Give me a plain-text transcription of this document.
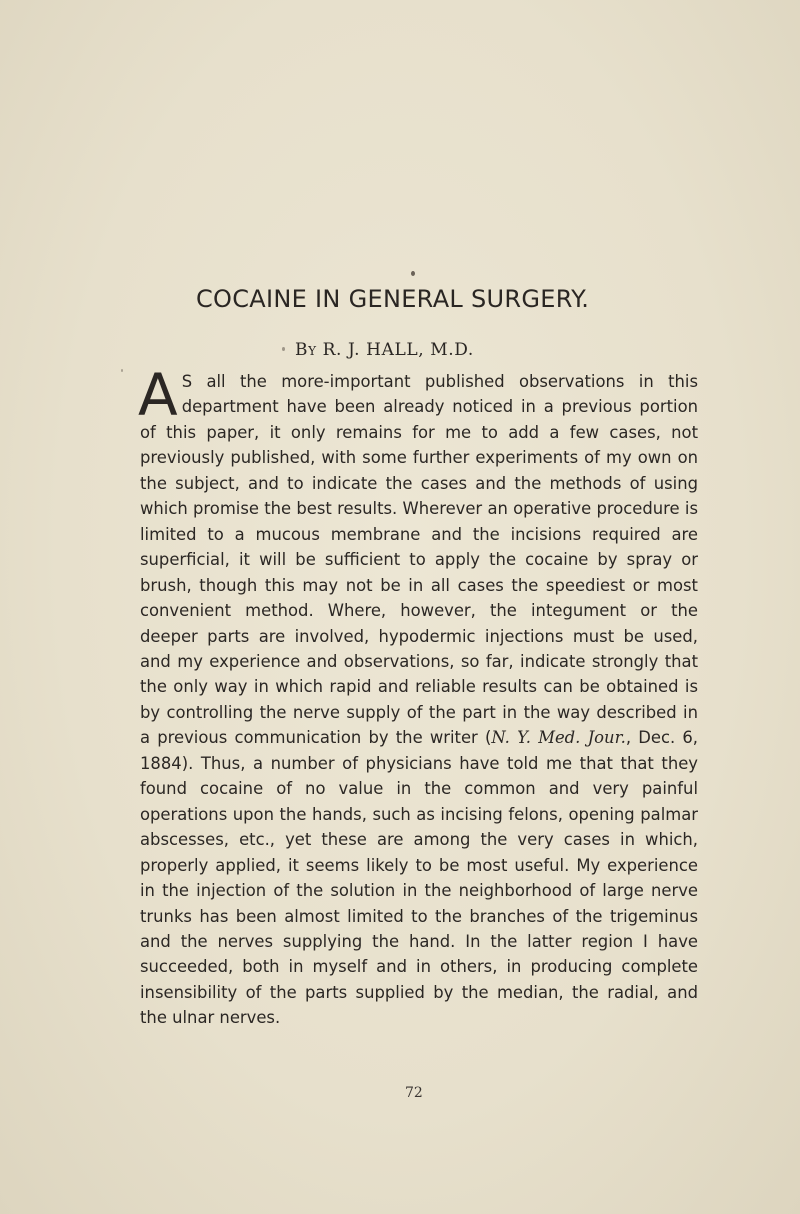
COCAINE IN GENERAL SURGERY.
By R. J. HALL, M.D.
A S all the more-important published observations in this department have been already noticed in a previous portion of this paper, it only remains for me to add a few cases, not previously published, with some further experiments of my own on the subject, and to indicate the cases and the methods of using which promise the best results. Wherever an operative procedure is limited to a mucous membrane and the incisions required are superficial, it will be sufficient to apply the cocaine by spray or brush, though this may not be in all cases the speediest or most convenient method. Where, however, the integument or the deeper parts are involved, hypodermic injections must be used, and my experience and observations, so far, indicate strongly that the only way in which rapid and reliable results can be obtained is by controlling the nerve supply of the part in the way described in a previous communication by the writer (N. Y. Med. Jour., Dec. 6, 1884). Thus, a number of physicians have told me that that they found cocaine of no value in the common and very painful operations upon the hands, such as incising felons, opening palmar abscesses, etc., yet these are among the very cases in which, properly applied, it seems likely to be most useful. My experience in the injection of the solution in the neighborhood of large nerve trunks has been almost limited to the branches of the trigeminus and the nerves supplying the hand. In the latter region I have succeeded, both in myself and in others, in producing complete insensibility of the parts supplied by the median, the radial, and the ulnar nerves.
72
